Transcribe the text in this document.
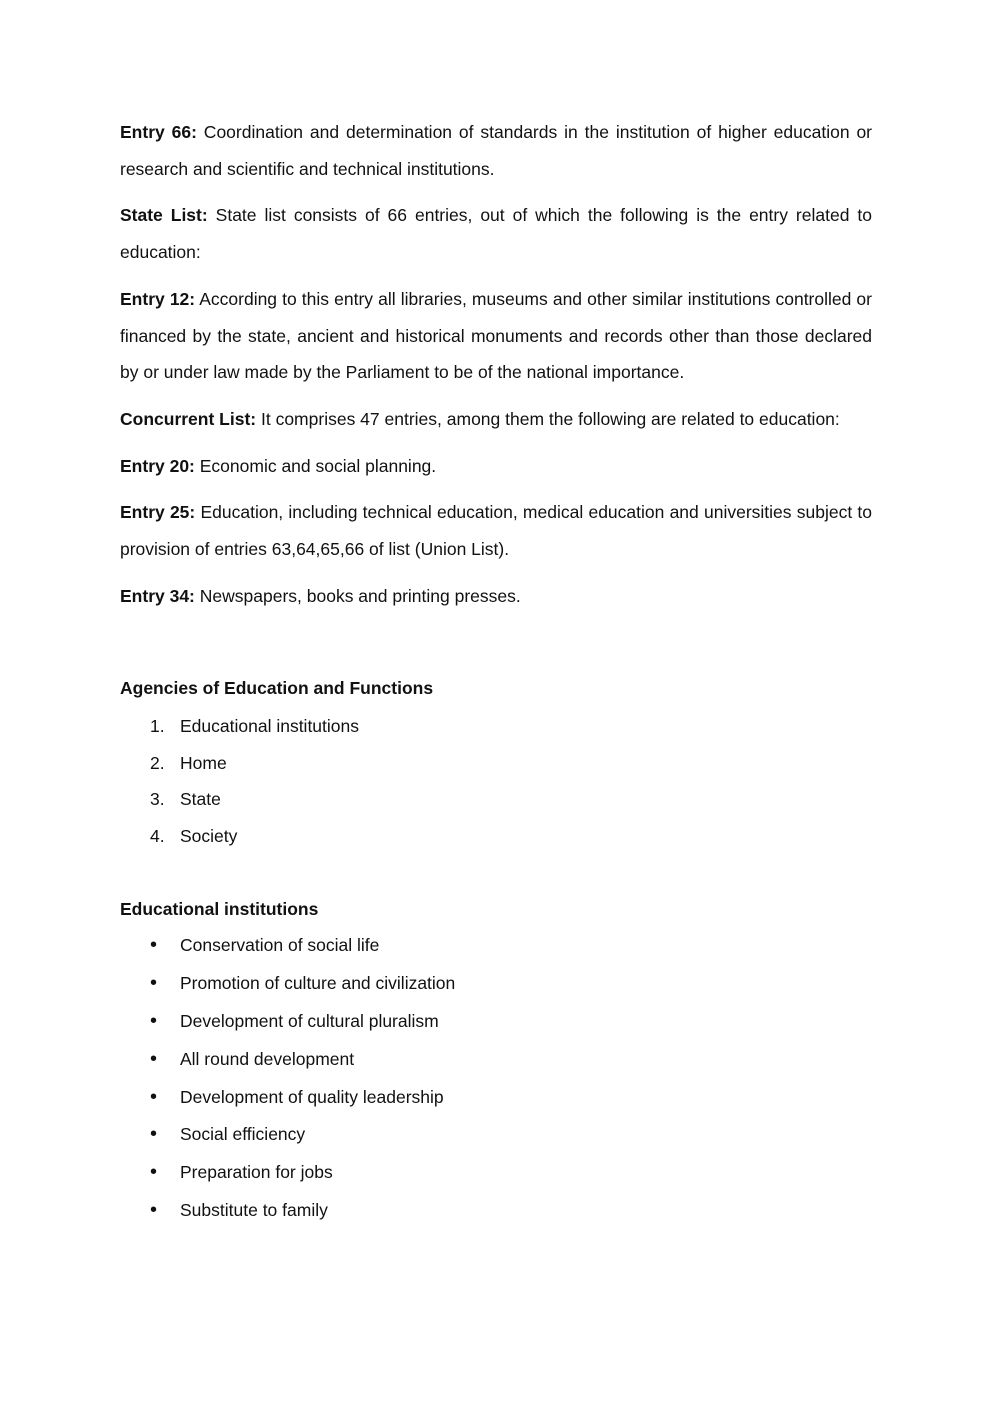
Entry 66: Coordination and determination of standards in the institution of higher education or research and scientific and technical institutions.

State List: State list consists of 66 entries, out of which the following is the entry related to education:

Entry 12: According to this entry all libraries, museums and other similar institutions controlled or financed by the state, ancient and historical monuments and records other than those declared by or under law made by the Parliament to be of the national importance.

Concurrent List: It comprises 47 entries, among them the following are related to education:

Entry 20: Economic and social planning.

Entry 25: Education, including technical education, medical education and universities subject to provision of entries 63,64,65,66 of list (Union List).

Entry 34: Newspapers, books and printing presses.

Agencies of Education and Functions
1. Educational institutions
2. Home
3. State
4. Society
Educational institutions
• Conservation of social life
• Promotion of culture and civilization
• Development of cultural pluralism
• All round development
• Development of quality leadership
• Social efficiency
• Preparation for jobs
• Substitute to family
